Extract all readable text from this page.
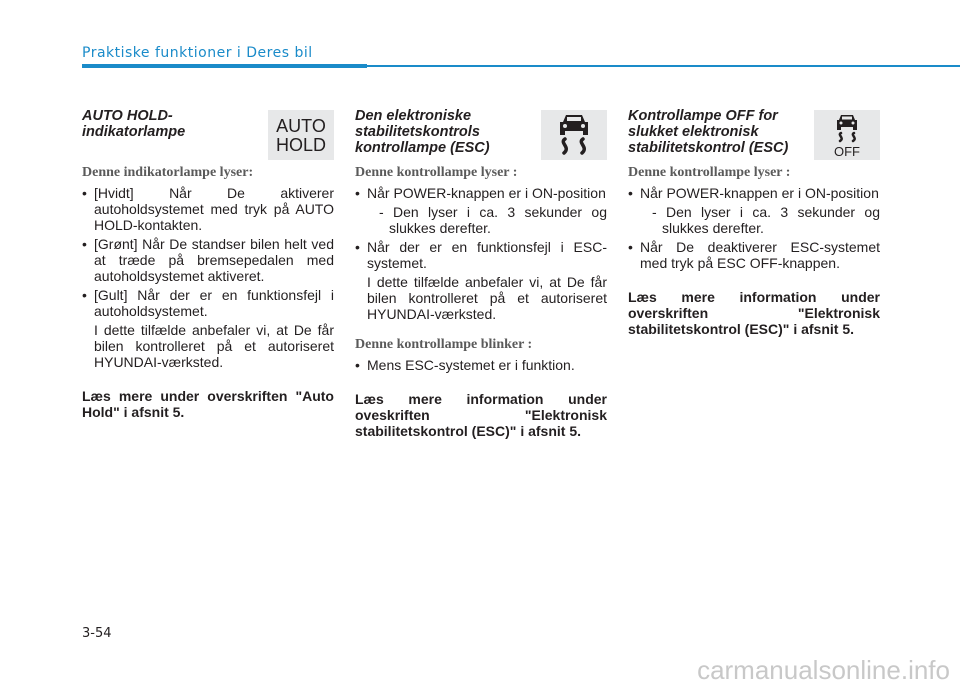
Praktiske funktioner i Deres bil

AUTO HOLD-indikatorlampe	AUTO
HOLD
Denne indikatorlampe lyser:
• [Hvidt] Når De aktiverer autoholdsystemet med tryk på AUTO HOLD-kontakten.
• [Grønt] Når De standser bilen helt ved at træde på bremsepedalen med autoholdsystemet aktiveret.
• [Gult] Når der er en funktionsfejl i autoholdsystemet.
I dette tilfælde anbefaler vi, at De får bilen kontrolleret på et autoriseret HYUNDAI-værksted.
Læs mere under overskriften "Auto Hold" i afsnit 5.

Den elektroniske stabilitetskontrols kontrollampe (ESC)

Denne kontrollampe lyser :
• Når POWER-knappen er i ON-position
- Den lyser i ca. 3 sekunder og slukkes derefter.
• Når der er en funktionsfejl i ESC-systemet.
I dette tilfælde anbefaler vi, at De får bilen kontrolleret på et autoriseret HYUNDAI-værksted.
Denne kontrollampe blinker :
• Mens ESC-systemet er i funktion.
Læs mere information under oveskriften "Elektronisk stabilitetskontrol (ESC)" i afsnit 5.

Kontrollampe OFF for slukket elektronisk stabilitetskontrol (ESC)	OFF
Denne kontrollampe lyser :
• Når POWER-knappen er i ON-position
- Den lyser i ca. 3 sekunder og slukkes derefter.
• Når De deaktiverer ESC-systemet med tryk på ESC OFF-knappen.
Læs mere information under overskriften "Elektronisk stabilitetskontrol (ESC)" i afsnit 5.
3-54
carmanualsonline.info
